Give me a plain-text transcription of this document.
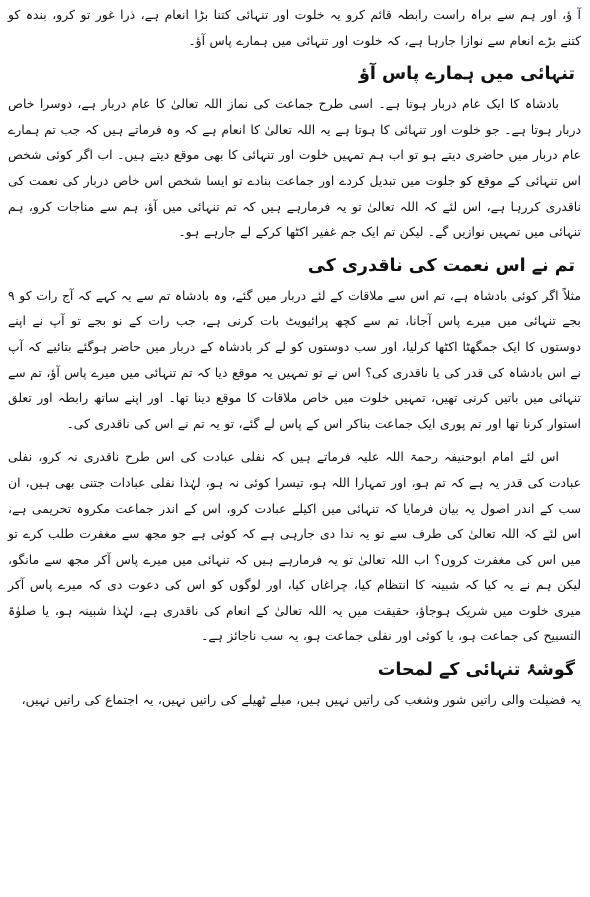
آ ؤ، اور ہم سے براہ راست رابطہ قائم کرو یہ خلوت اور تنہائی کتنا بڑا انعام ہے، ذرا غور تو کرو، بندہ کو کتنے بڑے انعام سے نوازا جارہا ہے، کہ خلوت اور تنہائی میں ہمارے پاس آؤ۔

تنہائی میں ہمارے پاس آؤ

بادشاہ کا ایک عام دربار ہوتا ہے۔ اسی طرح جماعت کی نماز اللہ تعالیٰ کا عام دربار ہے، دوسرا خاص دربار ہوتا ہے۔ جو خلوت اور تنہائی کا ہوتا ہے یہ اللہ تعالیٰ کا انعام ہے کہ وہ فرماتے ہیں کہ جب تم ہمارے عام دربار میں حاضری دیتے ہو تو اب ہم تمہیں خلوت اور تنہائی کا بھی موقع دیتے ہیں۔ اب اگر کوئی شخص اس تنہائی کے موقع کو جلوت میں تبدیل کردے اور جماعت بنادے تو ایسا شخص اس خاص دربار کی نعمت کی ناقدری کررہا ہے، اس لئے کہ اللہ تعالیٰ تو یہ فرمارہے ہیں کہ تم تنہائی میں آؤ، ہم سے مناجات کرو، ہم تنہائی میں تمہیں نوازیں گے۔ لیکن تم ایک جم غفیر اکٹھا کرکے لے جارہے ہو۔

تم نے اس نعمت کی ناقدری کی

مثلاً اگر کوئی بادشاہ ہے، تم اس سے ملاقات کے لئے دربار میں گئے، وہ بادشاہ تم سے یہ کہے کہ آج رات کو ۹ بجے تنہائی میں میرے پاس آجانا، تم سے کچھ پرائیویٹ بات کرنی ہے، جب رات کے نو بجے تو آپ نے اپنے دوستوں کا ایک جمگھٹا اکٹھا کرلیا، اور سب دوستوں کو لے کر بادشاہ کے دربار میں حاضر ہوگئے بتائیے کہ آپ نے اس بادشاہ کی قدر کی یا ناقدری کی؟ اس نے تو تمہیں یہ موقع دیا کہ تم تنہائی میں میرے پاس آؤ، تم سے تنہائی میں باتیں کرنی تھیں، تمہیں خلوت میں خاص ملاقات کا موقع دینا تھا۔ اور اپنے ساتھ رابطہ اور تعلق استوار کرنا تھا اور تم پوری ایک جماعت بناکر اس کے پاس لے گئے، تو یہ تم نے اس کی ناقدری کی۔

اس لئے امام ابوحنیفہ رحمۃ اللہ علیہ فرماتے ہیں کہ نفلی عبادت کی اس طرح ناقدری نہ کرو، نفلی عبادت کی قدر یہ ہے کہ تم ہو، اور تمہارا اللہ ہو، تیسرا کوئی نہ ہو، لہٰذا نفلی عبادات جتنی بھی ہیں، ان سب کے اندر اصول یہ بیان فرمایا کہ تنہائی میں اکیلے عبادت کرو، اس کے اندر جماعت مکروہ تحریمی ہے، اس لئے کہ اللہ تعالیٰ کی طرف سے تو یہ ندا دی جارہی ہے کہ کوئی ہے جو مجھ سے مغفرت طلب کرے تو میں اس کی مغفرت کروں؟ اب اللہ تعالیٰ تو یہ فرمارہے ہیں کہ تنہائی میں میرے پاس آکر مجھ سے مانگو، لیکن ہم نے یہ کیا کہ شبینہ کا انتظام کیا، چراغاں کیا، اور لوگوں کو اس کی دعوت دی کہ میرے پاس آکر میری خلوت میں شریک ہوجاؤ، حقیقت میں یہ اللہ تعالیٰ کے انعام کی ناقدری ہے، لہٰذا شبینہ ہو، یا صلوٰۃ التسبیح کی جماعت ہو، یا کوئی اور نفلی جماعت ہو، یہ سب ناجائز ہے۔

گوشۂ تنہائی کے لمحات

یہ فضیلت والی راتیں شور وشغب کی راتیں نہیں ہیں، میلے ٹھیلے کی راتیں نہیں، یہ اجتماع کی راتیں نہیں،
